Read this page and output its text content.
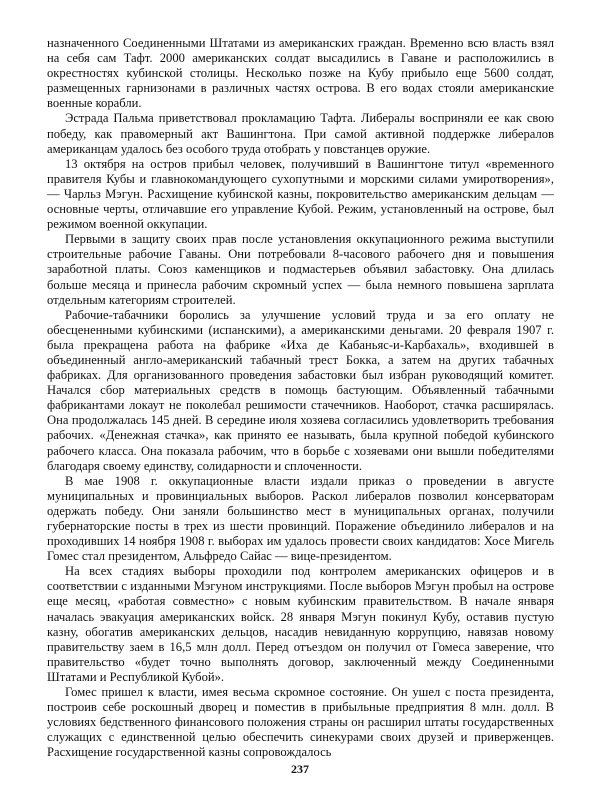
назначенного Соединенными Штатами из американских граждан. Временно всю власть взял на себя сам Тафт. 2000 американских солдат высадились в Гаване и расположились в окрестностях кубинской столицы. Несколько позже на Кубу прибыло еще 5600 солдат, размещенных гарнизонами в различных частях острова. В его водах стояли американские военные корабли.

Эстрада Пальма приветствовал прокламацию Тафта. Либералы восприняли ее как свою победу, как правомерный акт Вашингтона. При самой активной поддержке либералов американцам удалось без особого труда отобрать у повстанцев оружие.

13 октября на остров прибыл человек, получивший в Вашингтоне титул «временного правителя Кубы и главнокомандующего сухопутными и морскими силами умиротворения», — Чарльз Мэгун. Расхищение кубинской казны, покровительство американским дельцам — основные черты, отличавшие его управление Кубой. Режим, установленный на острове, был режимом военной оккупации.

Первыми в защиту своих прав после установления оккупационного режима выступили строительные рабочие Гаваны. Они потребовали 8-часового рабочего дня и повышения заработной платы. Союз каменщиков и подмастерьев объявил забастовку. Она длилась больше месяца и принесла рабочим скромный успех — была немного повышена зарплата отдельным категориям строителей.

Рабочие-табачники боролись за улучшение условий труда и за его оплату не обесцененными кубинскими (испанскими), а американскими деньгами. 20 февраля 1907 г. была прекращена работа на фабрике «Иха де Кабаньяс-и-Карбахаль», входившей в объединенный англо-американский табачный трест Бокка, а затем на других табачных фабриках. Для организованного проведения забастовки был избран руководящий комитет. Начался сбор материальных средств в помощь бастующим. Объявленный табачными фабрикантами локаут не поколебал решимости стачечников. Наоборот, стачка расширялась. Она продолжалась 145 дней. В середине июля хозяева согласились удовлетворить требования рабочих. «Денежная стачка», как принято ее называть, была крупной победой кубинского рабочего класса. Она показала рабочим, что в борьбе с хозяевами они вышли победителями благодаря своему единству, солидарности и сплоченности.

В мае 1908 г. оккупационные власти издали приказ о проведении в августе муниципальных и провинциальных выборов. Раскол либералов позволил консерваторам одержать победу. Они заняли большинство мест в муниципальных органах, получили губернаторские посты в трех из шести провинций. Поражение объединило либералов и на проходивших 14 ноября 1908 г. выборах им удалось провести своих кандидатов: Хосе Мигель Гомес стал президентом, Альфредо Сайас — вице-президентом.

На всех стадиях выборы проходили под контролем американских офицеров и в соответствии с изданными Мэгуном инструкциями. После выборов Мэгун пробыл на острове еще месяц, «работая совместно» с новым кубинским правительством. В начале января началась эвакуация американских войск. 28 января Мэгун покинул Кубу, оставив пустую казну, обогатив американских дельцов, насадив невиданную коррупцию, навязав новому правительству заем в 16,5 млн долл. Перед отъездом он получил от Гомеса заверение, что правительство «будет точно выполнять договор, заключенный между Соединенными Штатами и Республикой Кубой».

Гомес пришел к власти, имея весьма скромное состояние. Он ушел с поста президента, построив себе роскошный дворец и поместив в прибыльные предприятия 8 млн. долл. В условиях бедственного финансового положения страны он расширил штаты государственных служащих с единственной целью обеспечить синекурами своих друзей и приверженцев. Расхищение государственной казны сопровождалось

237
